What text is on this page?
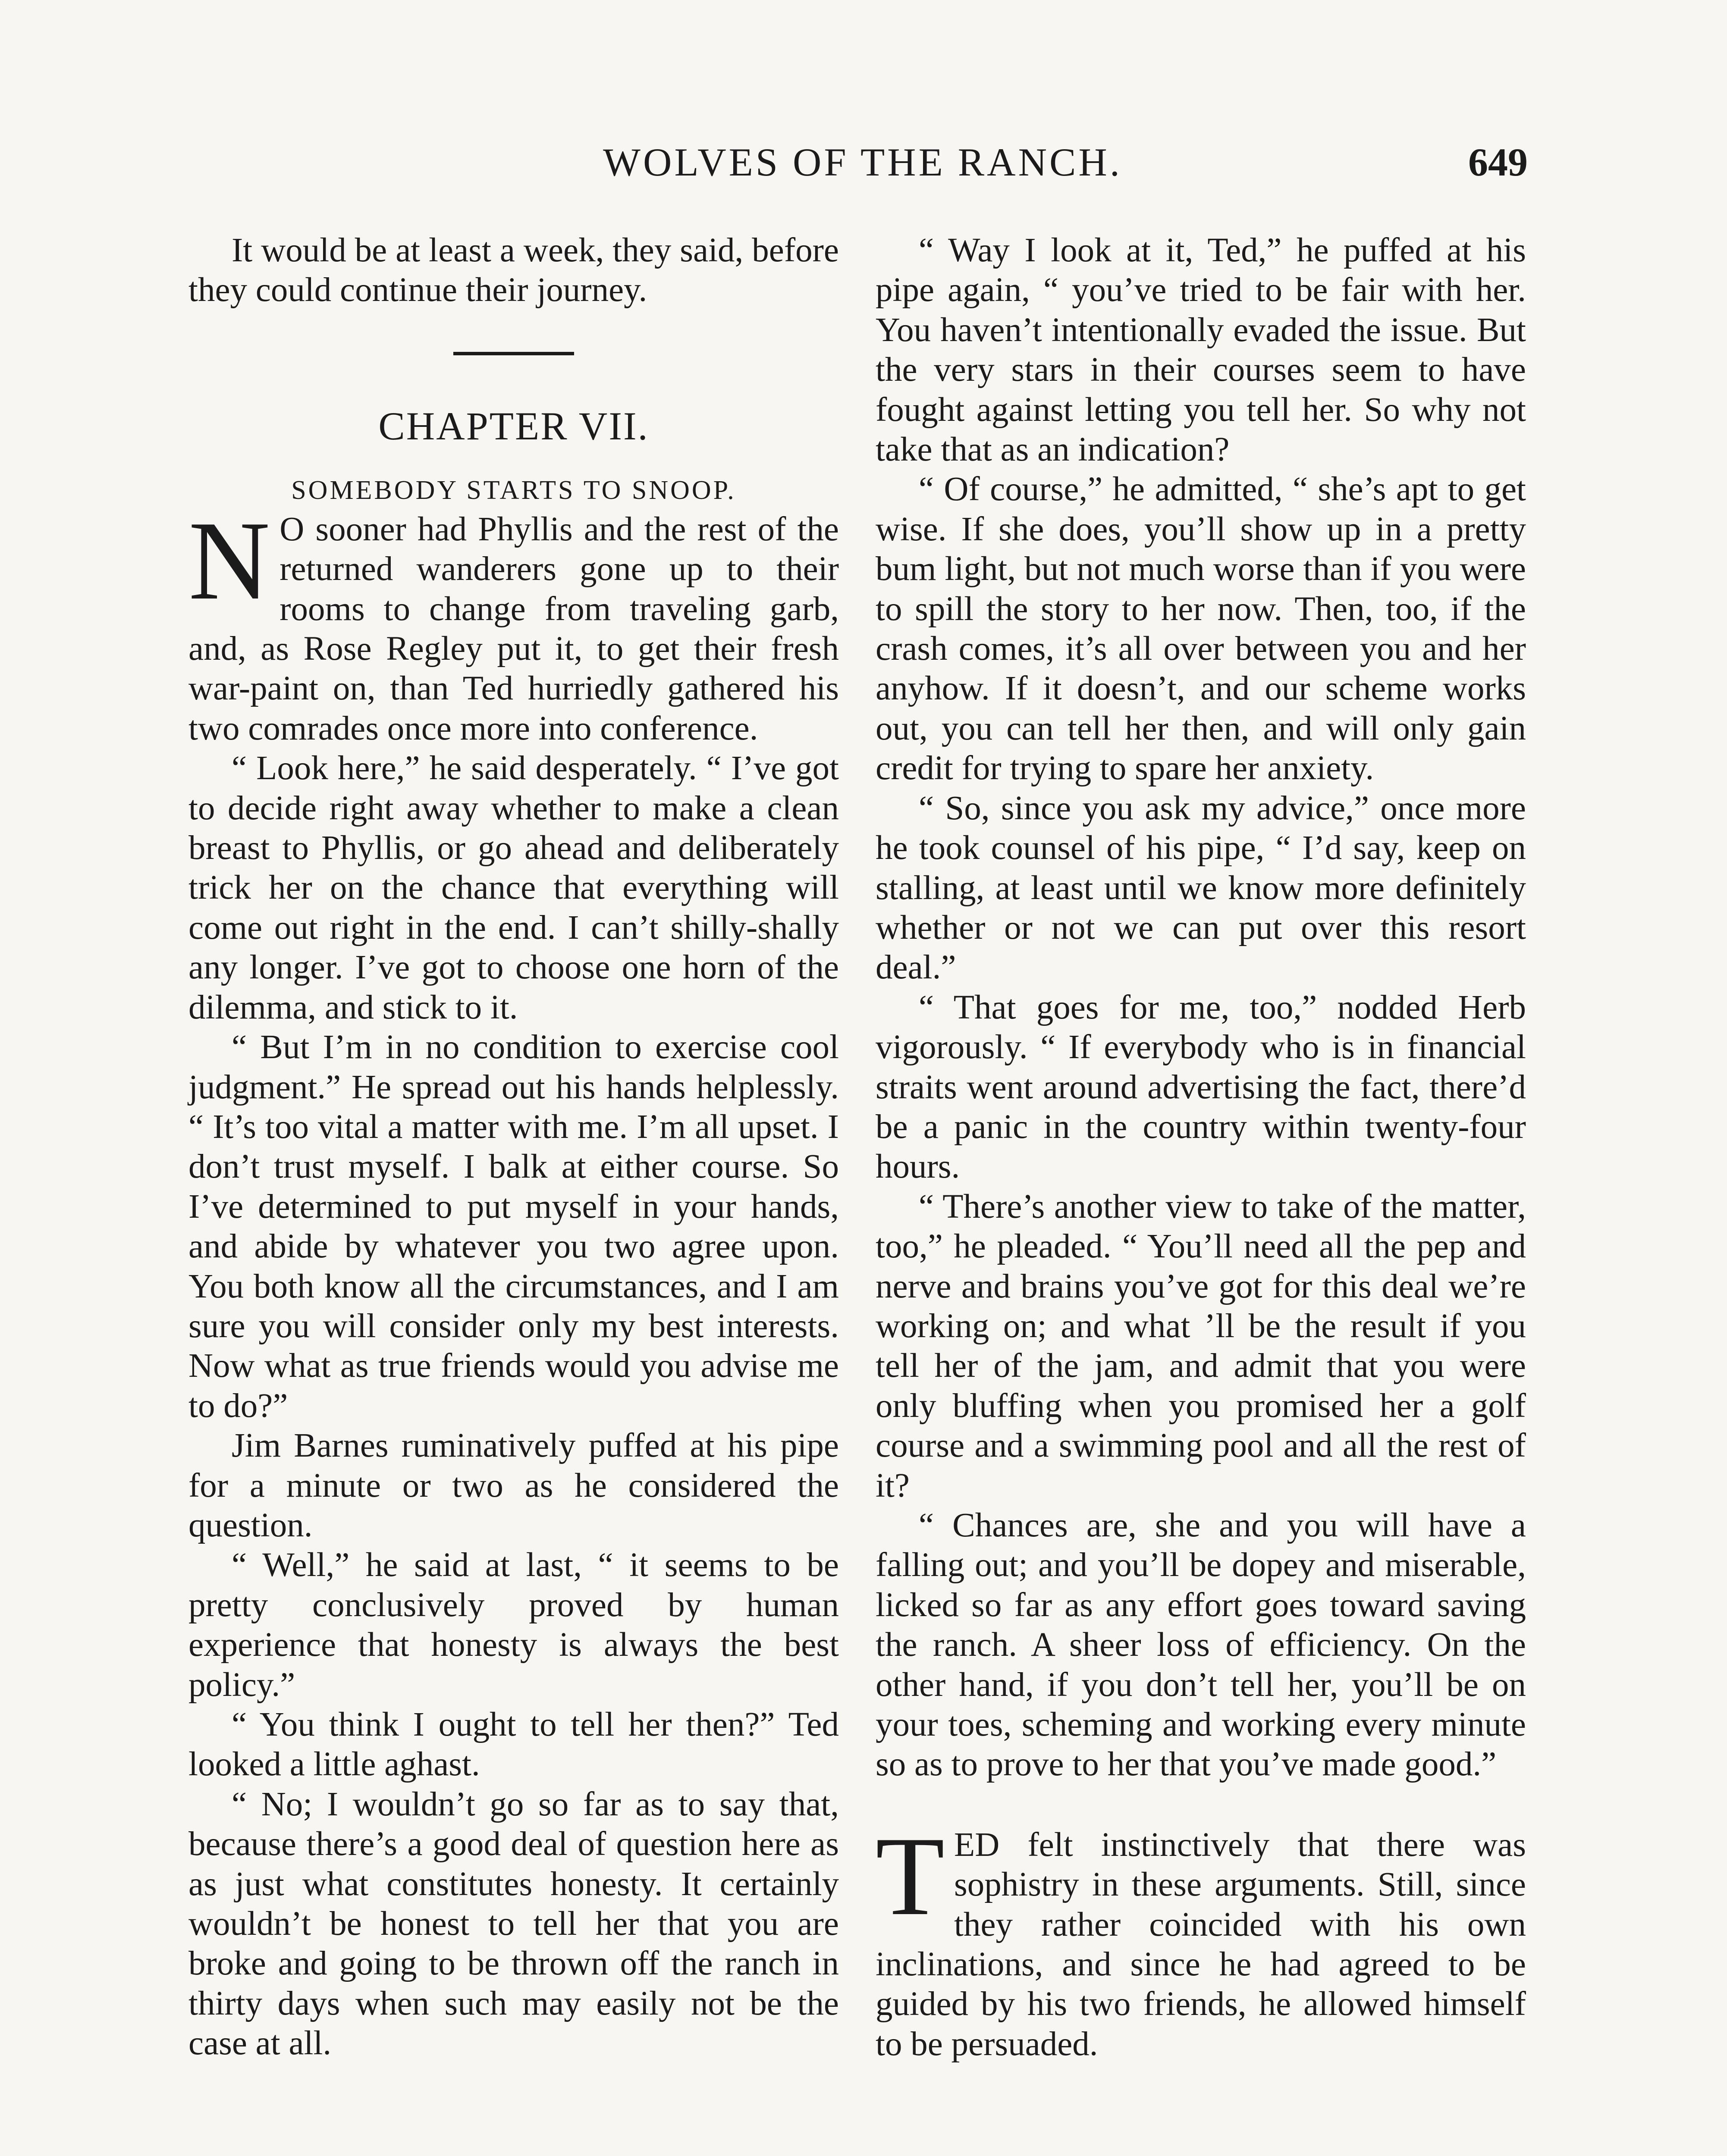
WOLVES OF THE RANCH.	649

It would be at least a week, they said, before they could continue their journey.

CHAPTER VII.
SOMEBODY STARTS TO SNOOP.

NO sooner had Phyllis and the rest of the returned wanderers gone up to their rooms to change from traveling garb, and, as Rose Regley put it, to get their fresh war-paint on, than Ted hurriedly gathered his two comrades once more into conference.

“ Look here,” he said desperately. “ I’ve got to decide right away whether to make a clean breast to Phyllis, or go ahead and deliberately trick her on the chance that everything will come out right in the end. I can’t shilly-shally any longer. I’ve got to choose one horn of the dilemma, and stick to it.

“ But I’m in no condition to exercise cool judgment.” He spread out his hands helplessly. “ It’s too vital a matter with me. I’m all upset. I don’t trust myself. I balk at either course. So I’ve determined to put myself in your hands, and abide by whatever you two agree upon. You both know all the circumstances, and I am sure you will consider only my best interests. Now what as true friends would you advise me to do?”

Jim Barnes ruminatively puffed at his pipe for a minute or two as he considered the question.

“ Well,” he said at last, “ it seems to be pretty conclusively proved by human experience that honesty is always the best policy.”

“ You think I ought to tell her then?” Ted looked a little aghast.

“ No; I wouldn’t go so far as to say that, because there’s a good deal of question here as as just what constitutes honesty. It certainly wouldn’t be honest to tell her that you are broke and going to be thrown off the ranch in thirty days when such may easily not be the case at all.

“ Way I look at it, Ted,” he puffed at his pipe again, “ you’ve tried to be fair with her. You haven’t intentionally evaded the issue. But the very stars in their courses seem to have fought against letting you tell her. So why not take that as an indication?

“ Of course,” he admitted, “ she’s apt to get wise. If she does, you’ll show up in a pretty bum light, but not much worse than if you were to spill the story to her now. Then, too, if the crash comes, it’s all over between you and her anyhow. If it doesn’t, and our scheme works out, you can tell her then, and will only gain credit for trying to spare her anxiety.

“ So, since you ask my advice,” once more he took counsel of his pipe, “ I’d say, keep on stalling, at least until we know more definitely whether or not we can put over this resort deal.”

“ That goes for me, too,” nodded Herb vigorously. “ If everybody who is in financial straits went around advertising the fact, there’d be a panic in the country within twenty-four hours.

“ There’s another view to take of the matter, too,” he pleaded. “ You’ll need all the pep and nerve and brains you’ve got for this deal we’re working on; and what ’ll be the result if you tell her of the jam, and admit that you were only bluffing when you promised her a golf course and a swimming pool and all the rest of it?

“ Chances are, she and you will have a falling out; and you’ll be dopey and miserable, licked so far as any effort goes toward saving the ranch. A sheer loss of efficiency. On the other hand, if you don’t tell her, you’ll be on your toes, scheming and working every minute so as to prove to her that you’ve made good.”

TED felt instinctively that there was sophistry in these arguments. Still, since they rather coincided with his own inclinations, and since he had agreed to be guided by his two friends, he allowed himself to be persuaded.
